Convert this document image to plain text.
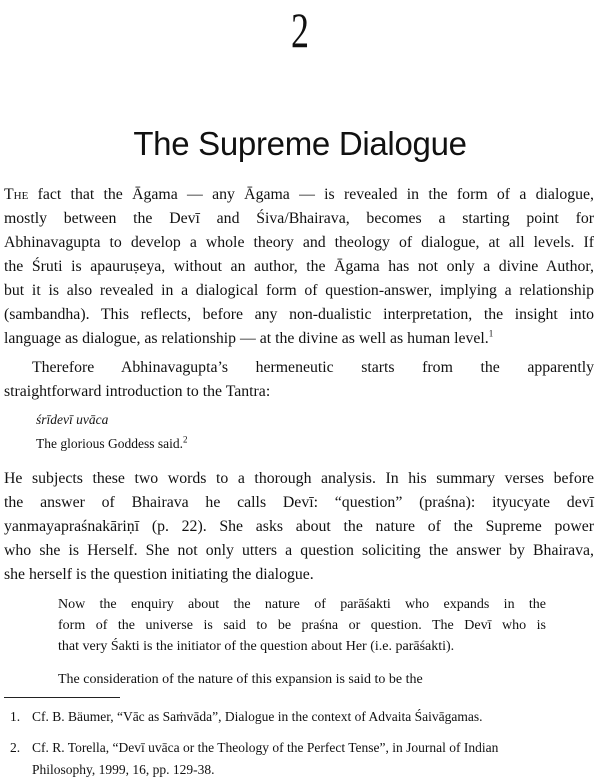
2
The Supreme Dialogue
The fact that the Āgama — any Āgama — is revealed in the form of a dialogue,
mostly between the Devī and Śiva/Bhairava, becomes a starting point for
Abhinavagupta to develop a whole theory and theology of dialogue, at all levels. If
the Śruti is apauruṣeya, without an author, the Āgama has not only a divine Author,
but it is also revealed in a dialogical form of question-answer, implying a relationship
(sambandha). This reflects, before any non-dualistic interpretation, the insight into
language as dialogue, as relationship — at the divine as well as human level.$^1$
Therefore Abhinavagupta’s hermeneutic starts from the apparently
straightforward introduction to the Tantra:
śrīdevī uvāca
The glorious Goddess said.$^2$
He subjects these two words to a thorough analysis. In his summary verses before
the answer of Bhairava he calls Devī: “question” (praśna): ityucyate devī
yanmayapraśnakāriṇī (p. 22). She asks about the nature of the Supreme power
who she is Herself. She not only utters a question soliciting the answer by Bhairava,
she herself is the question initiating the dialogue.
Now the enquiry about the nature of parāśakti who expands in the
form of the universe is said to be praśna or question. The Devī who is
that very Śakti is the initiator of the question about Her (i.e. parāśakti).
The consideration of the nature of this expansion is said to be the
1. Cf. B. Bäumer, “Vāc as Saṁvāda”, Dialogue in the context of Advaita Śaivāgamas.
2. Cf. R. Torella, “Devī uvāca or the Theology of the Perfect Tense”, in Journal of Indian
Philosophy, 1999, 16, pp. 129-38.
